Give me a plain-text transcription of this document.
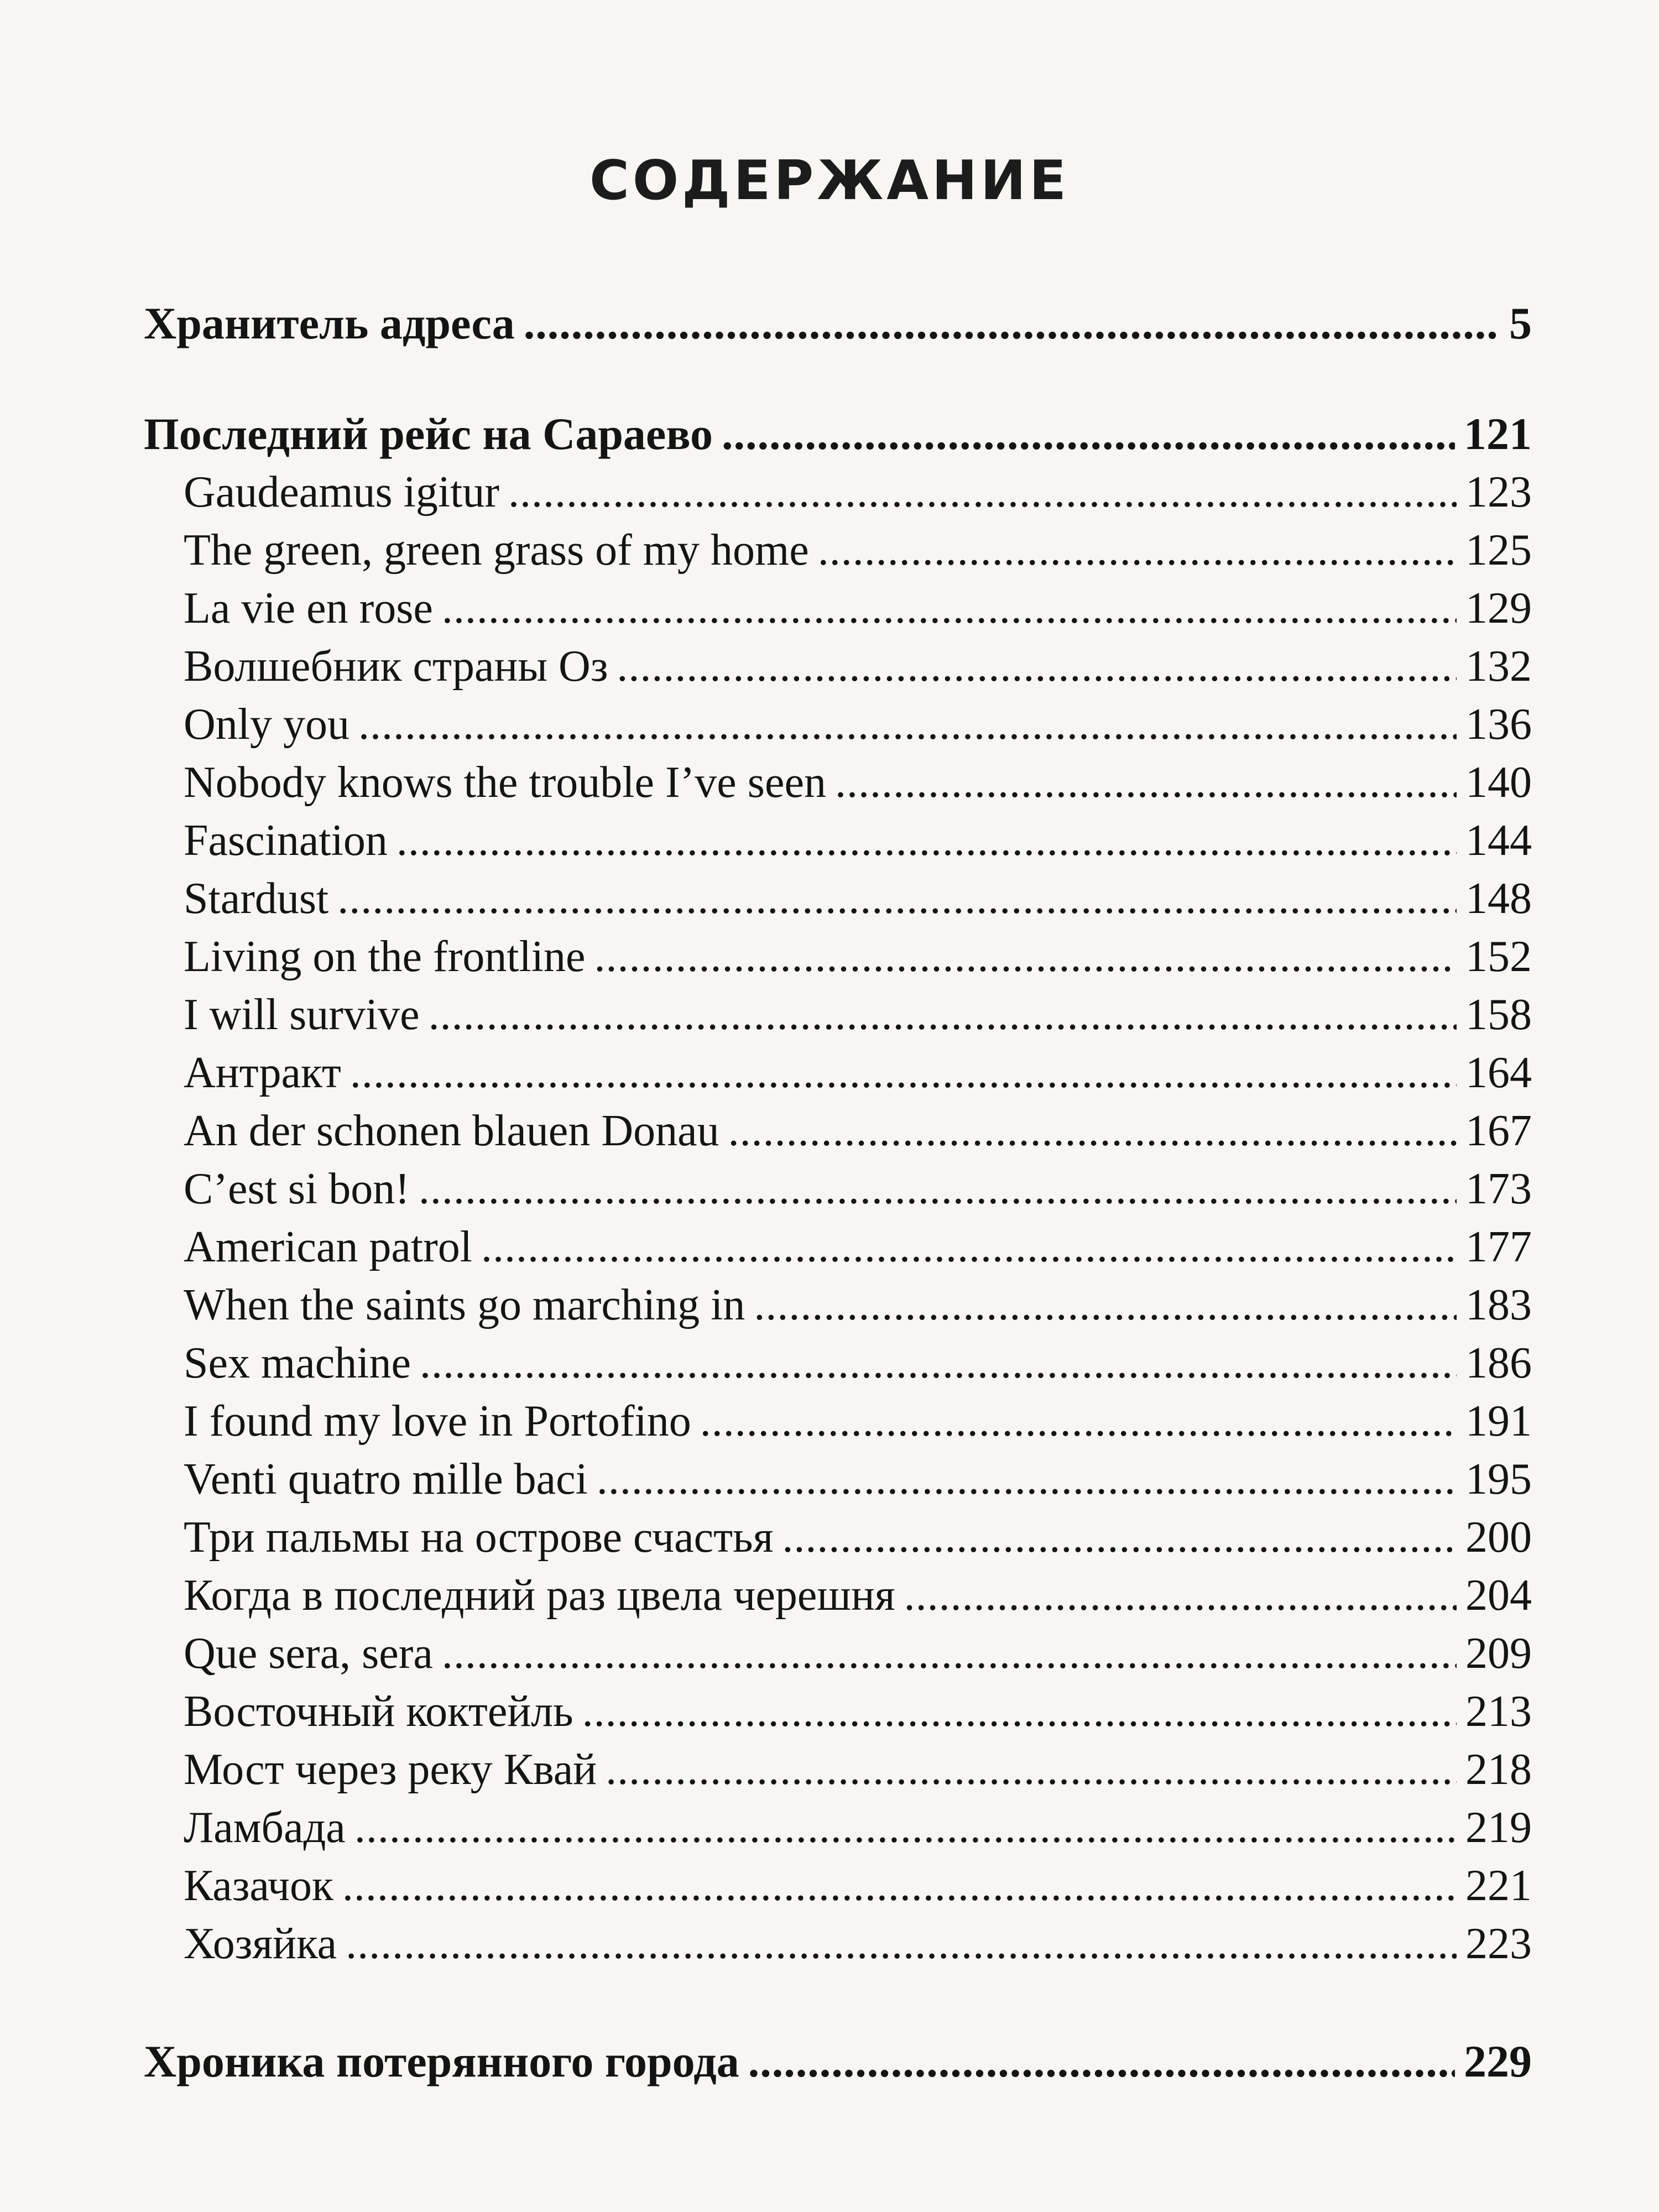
СОДЕРЖАНИЕ
Хранитель адреса .....	5
Последний рейс на Сараево .....	121
Gaudeamus igitur .....	123
The green, green grass of my home .....	125
La vie en rose .....	129
Волшебник страны Оз .....	132
Only you .....	136
Nobody knows the trouble I’ve seen .....	140
Fascination .....	144
Stardust .....	148
Living on the frontline .....	152
I will survive .....	158
Антракт .....	164
An der schonen blauen Donau .....	167
C’est si bon! .....	173
American patrol .....	177
When the saints go marching in .....	183
Sex machine .....	186
I found my love in Portofino .....	191
Venti quatro mille baci .....	195
Три пальмы на острове счастья .....	200
Когда в последний раз цвела черешня .....	204
Que sera, sera .....	209
Восточный коктейль .....	213
Мост через реку Квай .....	218
Ламбада .....	219
Казачок .....	221
Хозяйка .....	223
Хроника потерянного города .....	229
